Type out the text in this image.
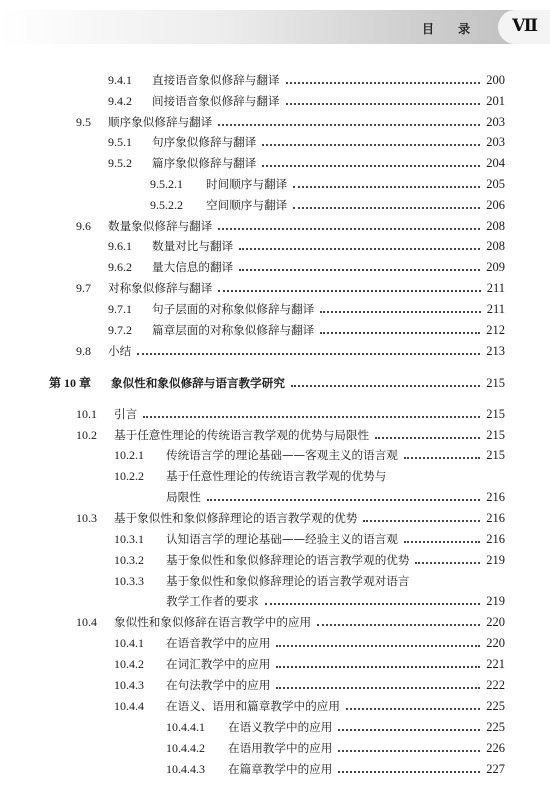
目 录 Ⅶ
9.4.1	直接语音象似修辞与翻译	200
9.4.2	间接语音象似修辞与翻译	201
9.5	顺序象似修辞与翻译	203
9.5.1	句序象似修辞与翻译	203
9.5.2	篇序象似修辞与翻译	204
9.5.2.1	时间顺序与翻译	205
9.5.2.2	空间顺序与翻译	206
9.6	数量象似修辞与翻译	208
9.6.1	数量对比与翻译	208
9.6.2	量大信息的翻译	209
9.7	对称象似修辞与翻译	211
9.7.1	句子层面的对称象似修辞与翻译	211
9.7.2	篇章层面的对称象似修辞与翻译	212
9.8	小结	213
第 10 章	象似性和象似修辞与语言教学研究	215
10.1	引言	215
10.2	基于任意性理论的传统语言教学观的优势与局限性	215
10.2.1	传统语言学的理论基础——客观主义的语言观	215
10.2.2	基于任意性理论的传统语言教学观的优势与
局限性	216
10.3	基于象似性和象似修辞理论的语言教学观的优势	216
10.3.1	认知语言学的理论基础——经验主义的语言观	216
10.3.2	基于象似性和象似修辞理论的语言教学观的优势	219
10.3.3	基于象似性和象似修辞理论的语言教学观对语言
教学工作者的要求	219
10.4	象似性和象似修辞在语言教学中的应用	220
10.4.1	在语音教学中的应用	220
10.4.2	在词汇教学中的应用	221
10.4.3	在句法教学中的应用	222
10.4.4	在语义、语用和篇章教学中的应用	225
10.4.4.1	在语义教学中的应用	225
10.4.4.2	在语用教学中的应用	226
10.4.4.3	在篇章教学中的应用	227
